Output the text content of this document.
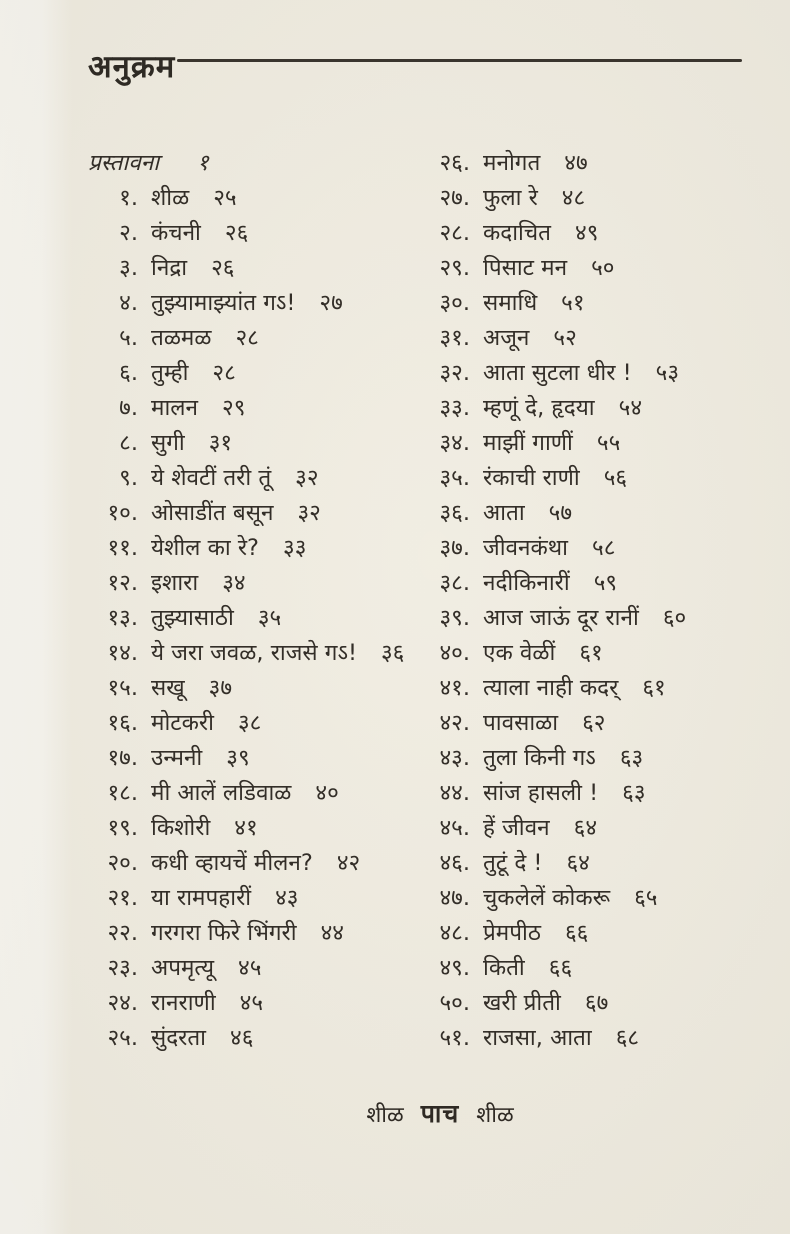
अनुक्रम
प्रस्तावना १
१. शीळ २५
२. कंचनी २६
३. निद्रा २६
४. तुझ्यामाझ्यांत गऽ! २७
५. तळमळ २८
६. तुम्ही २८
७. मालन २९
८. सुगी ३१
९. ये शेवटीं तरी तूं ३२
१०. ओसाडींत बसून ३२
११. येशील का रे? ३३
१२. इशारा ३४
१३. तुझ्यासाठी ३५
१४. ये जरा जवळ, राजसे गऽ! ३६
१५. सखू ३७
१६. मोटकरी ३८
१७. उन्मनी ३९
१८. मी आलें लडिवाळ ४०
१९. किशोरी ४१
२०. कधी व्हायचें मीलन? ४२
२१. या रामपहारीं ४३
२२. गरगरा फिरे भिंगरी ४४
२३. अपमृत्यू ४५
२४. रानराणी ४५
२५. सुंदरता ४६
२६. मनोगत ४७
२७. फुला रे ४८
२८. कदाचित ४९
२९. पिसाट मन ५०
३०. समाधि ५१
३१. अजून ५२
३२. आता सुटला धीर ! ५३
३३. म्हणूं दे, हृदया ५४
३४. माझीं गाणीं ५५
३५. रंकाची राणी ५६
३६. आता ५७
३७. जीवनकंथा ५८
३८. नदीकिनारीं ५९
३९. आज जाऊं दूर रानीं ६०
४०. एक वेळीं ६१
४१. त्याला नाही कदर् ६१
४२. पावसाळा ६२
४३. तुला किनी गऽ ६३
४४. सांज हासली ! ६३
४५. हें जीवन ६४
४६. तुटूं दे ! ६४
४७. चुकलेलें कोकरू ६५
४८. प्रेमपीठ ६६
४९. किती ६६
५०. खरी प्रीती ६७
५१. राजसा, आता ६८
शीळ पाच शीळ
